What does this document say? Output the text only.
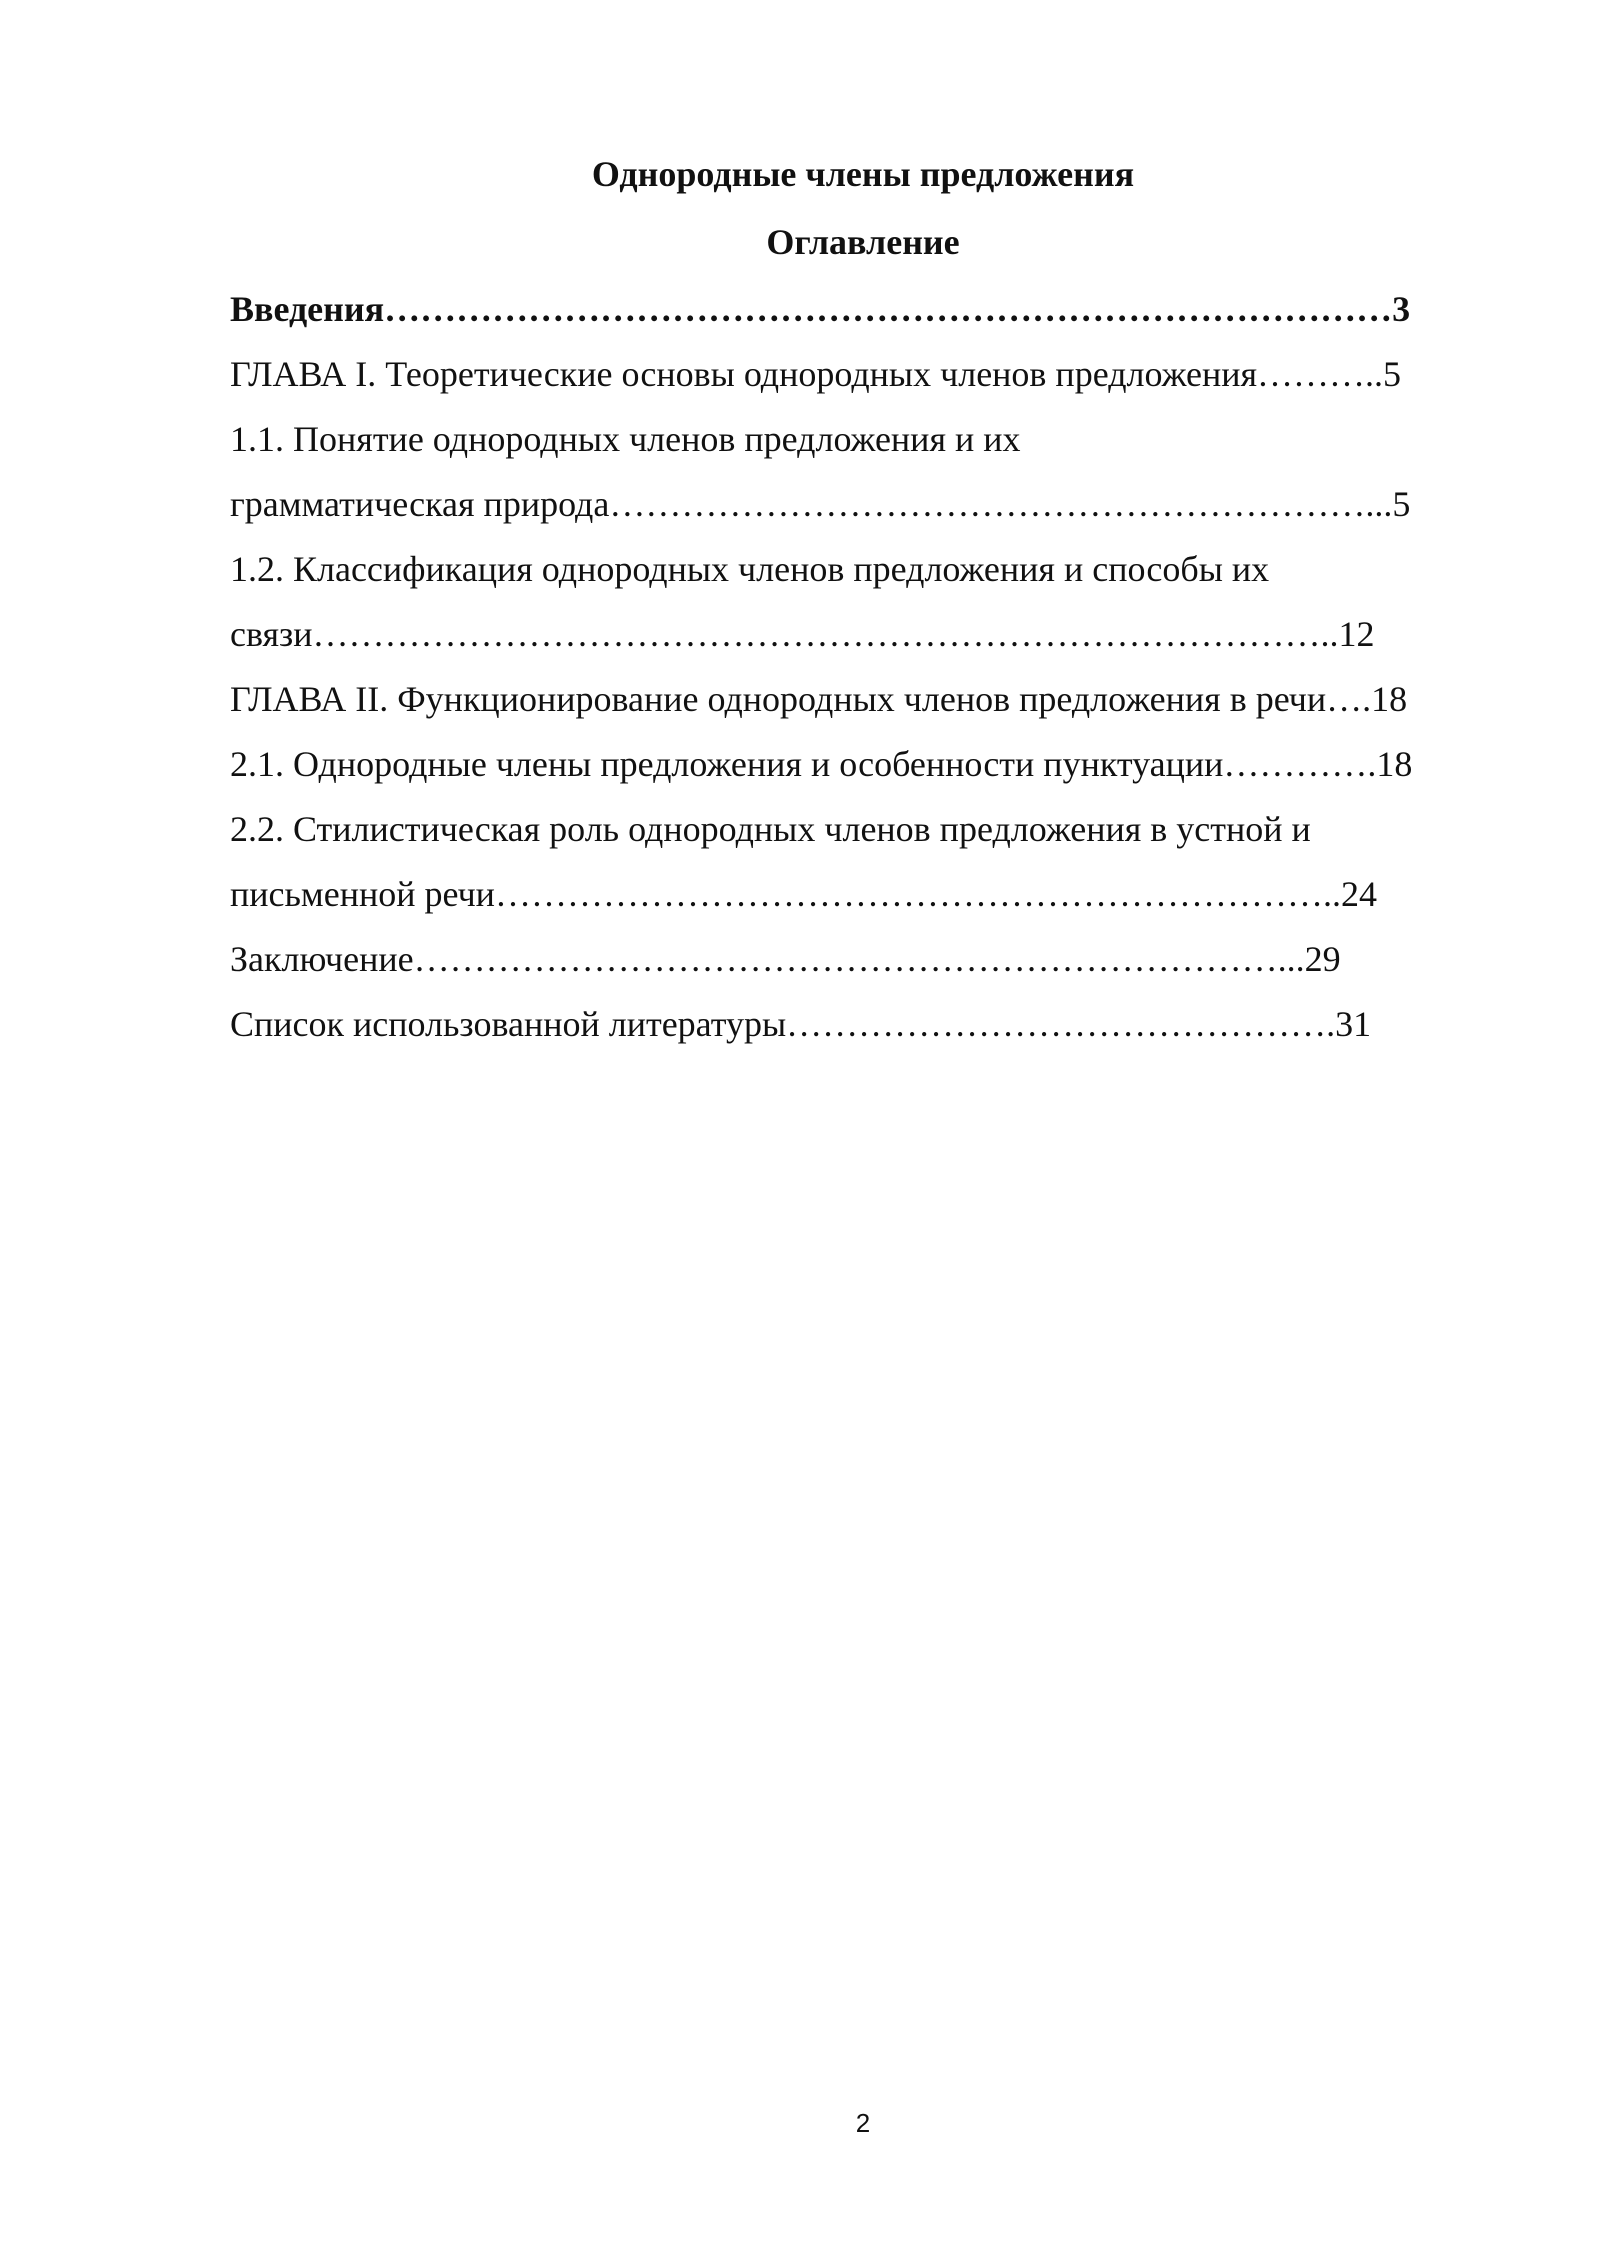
Однородные члены предложения
Оглавление
Введения…………………………………………………………………………3
ГЛАВА I. Теоретические основы однородных членов предложения………..5
1.1. Понятие однородных членов предложения и их
грамматическая природа………………………………………………………...5
1.2. Классификация однородных членов предложения и способы их
связи…………………………………………………………………………..12
ГЛАВА II. Функционирование однородных членов предложения в речи….18
2.1. Однородные члены предложения и особенности пунктуации………….18
2.2. Стилистическая роль однородных членов предложения в устной и
письменной речи……………………………………………………………..24
Заключение………………………………………………………………...29
Список использованной литературы……………………………………….31
2
